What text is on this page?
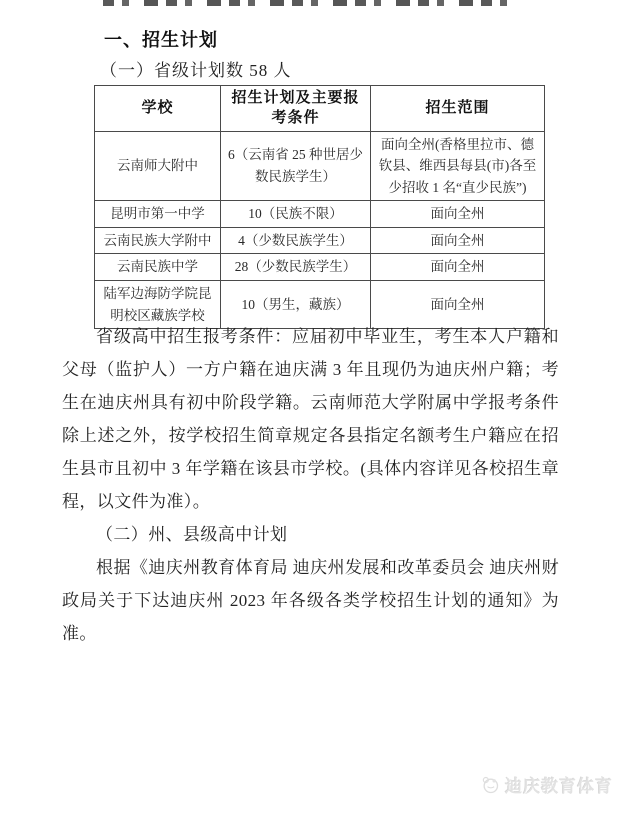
一、招生计划
（一）省级计划数 58 人
学校	招生计划及主要报考条件	招生范围
云南师大附中	6（云南省 25 种世居少数民族学生）	面向全州(香格里拉市、德钦县、维西县每县(市)各至少招收 1 名“直少民族”)
昆明市第一中学	10（民族不限）	面向全州
云南民族大学附中	4（少数民族学生）	面向全州
云南民族中学	28（少数民族学生）	面向全州
陆军边海防学院昆明校区藏族学校	10（男生，藏族）	面向全州

省级高中招生报考条件：应届初中毕业生，考生本人户籍和父母（监护人）一方户籍在迪庆满 3 年且现仍为迪庆州户籍；考生在迪庆州具有初中阶段学籍。云南师范大学附属中学报考条件除上述之外，按学校招生简章规定各县指定名额考生户籍应在招生县市且初中 3 年学籍在该县市学校。(具体内容详见各校招生章程，以文件为准）。

（二）州、县级高中计划

根据《迪庆州教育体育局 迪庆州发展和改革委员会 迪庆州财政局关于下达迪庆州 2023 年各级各类学校招生计划的通知》为准。

迪庆教育体育
